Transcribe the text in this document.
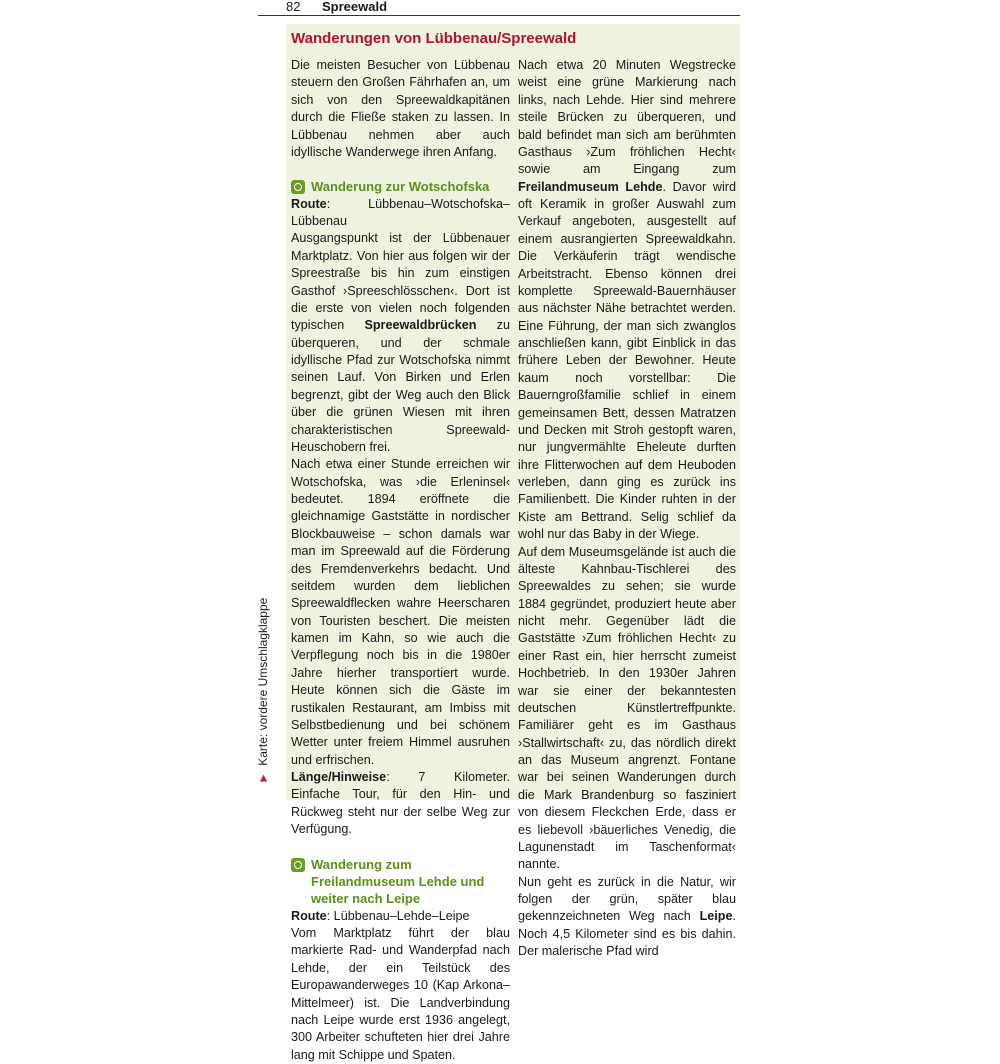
82 Spreewald
► Karte: vordere Umschlagklappe
Wanderungen von Lübbenau/Spreewald

Die meisten Besucher von Lübbenau steuern den Großen Fährhafen an, um sich von den Spreewaldkapitänen durch die Fließe staken zu lassen. In Lübbenau nehmen aber auch idyllische Wanderwege ihren Anfang.

Wanderung zur Wotschofska

Route: Lübbenau–Wotschofska–Lübbenau

Ausgangspunkt ist der Lübbenauer Marktplatz. Von hier aus folgen wir der Spreestraße bis hin zum einstigen Gasthof ›Spreeschlösschen‹. Dort ist die erste von vielen noch folgenden typischen Spreewaldbrücken zu überqueren, und der schmale idyllische Pfad zur Wotschofska nimmt seinen Lauf. Von Birken und Erlen begrenzt, gibt der Weg auch den Blick über die grünen Wiesen mit ihren charakteristischen Spreewald-Heuschobern frei.

Nach etwa einer Stunde erreichen wir Wotschofska, was ›die Erleninsel‹ bedeutet. 1894 eröffnete die gleichnamige Gaststätte in nordischer Blockbauweise – schon damals war man im Spreewald auf die Förderung des Fremdenverkehrs bedacht. Und seitdem wurden dem lieblichen Spreewaldflecken wahre Heerscharen von Touristen beschert. Die meisten kamen im Kahn, so wie auch die Verpflegung noch bis in die 1980er Jahre hierher transportiert wurde. Heute können sich die Gäste im rustikalen Restaurant, am Imbiss mit Selbstbedienung und bei schönem Wetter unter freiem Himmel ausruhen und erfrischen.

Länge/Hinweise: 7 Kilometer. Einfache Tour, für den Hin- und Rückweg steht nur der selbe Weg zur Verfügung.

Wanderung zum Freilandmuseum Lehde und weiter nach Leipe

Route: Lübbenau–Lehde–Leipe

Vom Marktplatz führt der blau markierte Rad- und Wanderpfad nach Lehde, der ein Teilstück des Europawanderweges 10 (Kap Arkona–Mittelmeer) ist. Die Landverbindung nach Leipe wurde erst 1936 angelegt, 300 Arbeiter schufteten hier drei Jahre lang mit Schippe und Spaten.

Nach etwa 20 Minuten Wegstrecke weist eine grüne Markierung nach links, nach Lehde. Hier sind mehrere steile Brücken zu überqueren, und bald befindet man sich am berühmten Gasthaus ›Zum fröhlichen Hecht‹ sowie am Eingang zum Freilandmuseum Lehde. Davor wird oft Keramik in großer Auswahl zum Verkauf angeboten, ausgestellt auf einem ausrangierten Spreewaldkahn. Die Verkäuferin trägt wendische Arbeitstracht. Ebenso können drei komplette Spreewald-Bauernhäuser aus nächster Nähe betrachtet werden. Eine Führung, der man sich zwanglos anschließen kann, gibt Einblick in das frühere Leben der Bewohner. Heute kaum noch vorstellbar: Die Bauerngroßfamilie schlief in einem gemeinsamen Bett, dessen Matratzen und Decken mit Stroh gestopft waren, nur jungvermählte Eheleute durften ihre Flitterwochen auf dem Heuboden verleben, dann ging es zurück ins Familienbett. Die Kinder ruhten in der Kiste am Bettrand. Selig schlief da wohl nur das Baby in der Wiege.

Auf dem Museumsgelände ist auch die älteste Kahnbau-Tischlerei des Spreewaldes zu sehen; sie wurde 1884 gegründet, produziert heute aber nicht mehr. Gegenüber lädt die Gaststätte ›Zum fröhlichen Hecht‹ zu einer Rast ein, hier herrscht zumeist Hochbetrieb. In den 1930er Jahren war sie einer der bekanntesten deutschen Künstlertreffpunkte. Familiärer geht es im Gasthaus ›Stallwirtschaft‹ zu, das nördlich direkt an das Museum angrenzt. Fontane war bei seinen Wanderungen durch die Mark Brandenburg so fasziniert von diesem Fleckchen Erde, dass er es liebevoll ›bäuerliches Venedig, die Lagunenstadt im Taschenformat‹ nannte.

Nun geht es zurück in die Natur, wir folgen der grün, später blau gekennzeichneten Weg nach Leipe. Noch 4,5 Kilometer sind es bis dahin. Der malerische Pfad wird
